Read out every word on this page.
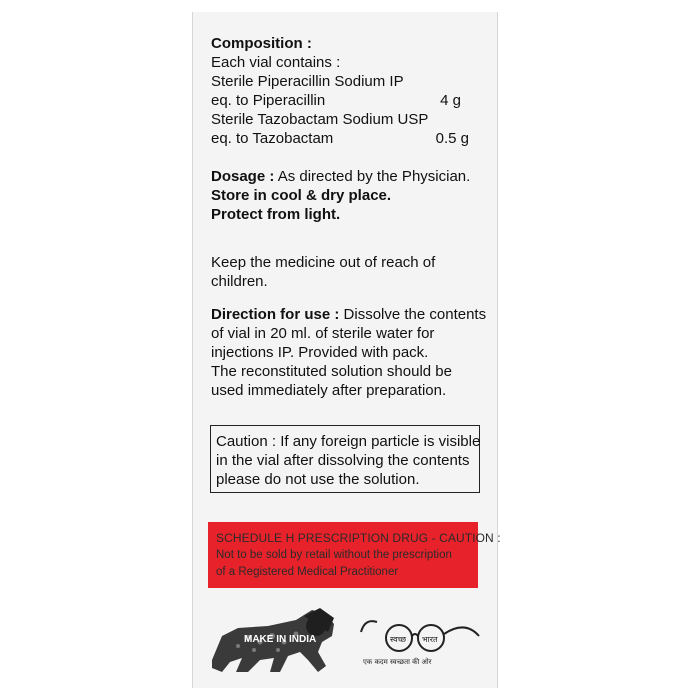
Composition :
Each vial contains :
Sterile Piperacillin Sodium IP
eq. to Piperacillin	4 g
Sterile Tazobactam Sodium USP
eq. to Tazobactam	0.5 g
Dosage : As directed by the Physician.
Store in cool & dry place.
Protect from light.
Keep the medicine out of reach of
children.
Direction for use : Dissolve the contents
of vial in 20 ml. of sterile water for
injections IP. Provided with pack.
The reconstituted solution should be
used immediately after preparation.
Caution : If any foreign particle is visible
in the vial after dissolving the contents
please do not use the solution.
SCHEDULE H PRESCRIPTION DRUG - CAUTION :
Not to be sold by retail without the prescription
of a Registered Medical Practitioner
MAKE IN INDIA	स्वच्छ भारत
एक कदम स्वच्छता की ओर
